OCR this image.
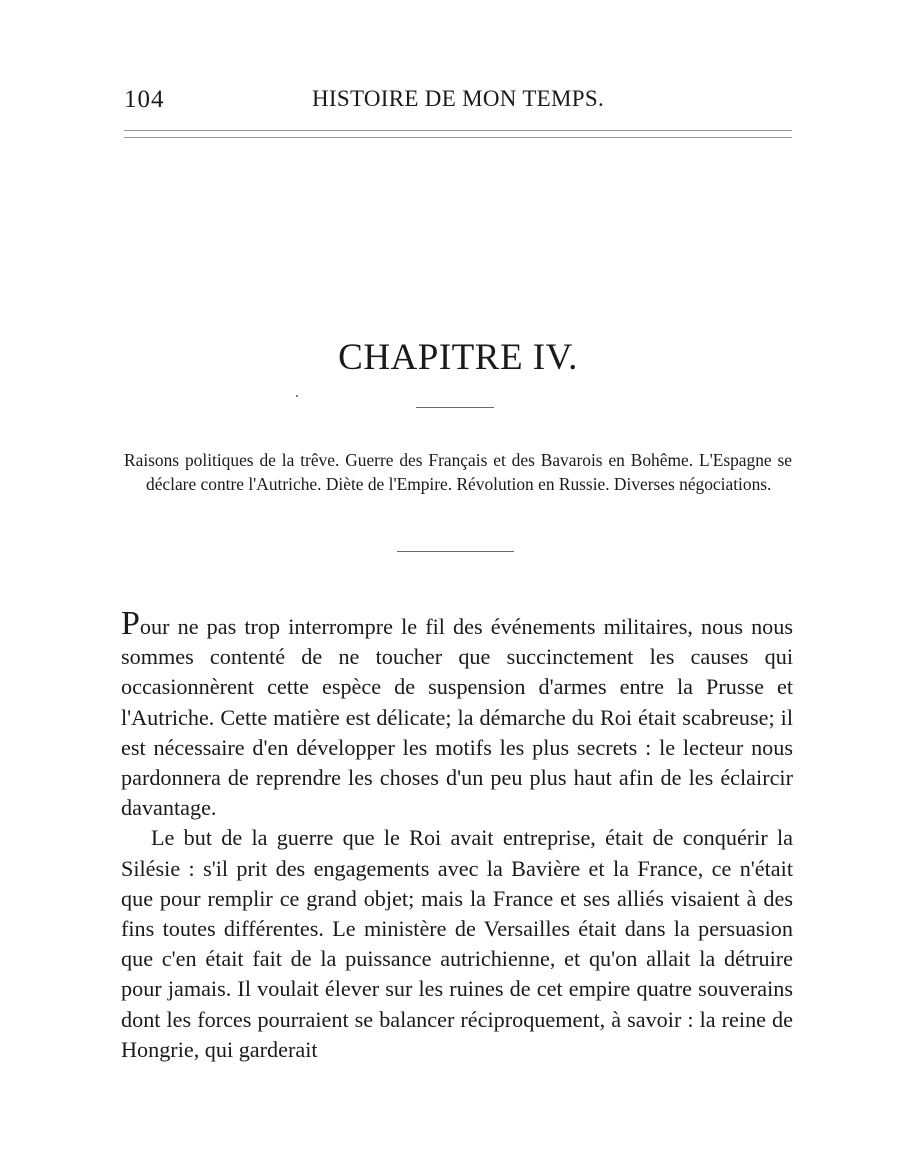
104	HISTOIRE DE MON TEMPS.
CHAPITRE IV.
Raisons politiques de la trêve. Guerre des Français et des Bavarois en Bohême. L'Espagne se déclare contre l'Autriche. Diète de l'Empire. Révolution en Russie. Diverses négociations.

Pour ne pas trop interrompre le fil des événements militaires, nous nous sommes contenté de ne toucher que succinctement les causes qui occasionnèrent cette espèce de suspension d'armes entre la Prusse et l'Autriche. Cette matière est délicate; la démarche du Roi était scabreuse; il est nécessaire d'en développer les motifs les plus secrets : le lecteur nous pardonnera de reprendre les choses d'un peu plus haut afin de les éclaircir davantage.

Le but de la guerre que le Roi avait entreprise, était de conquérir la Silésie : s'il prit des engagements avec la Bavière et la France, ce n'était que pour remplir ce grand objet; mais la France et ses alliés visaient à des fins toutes différentes. Le ministère de Versailles était dans la persuasion que c'en était fait de la puissance autrichienne, et qu'on allait la détruire pour jamais. Il voulait élever sur les ruines de cet empire quatre souverains dont les forces pourraient se balancer réciproquement, à savoir : la reine de Hongrie, qui garderait
